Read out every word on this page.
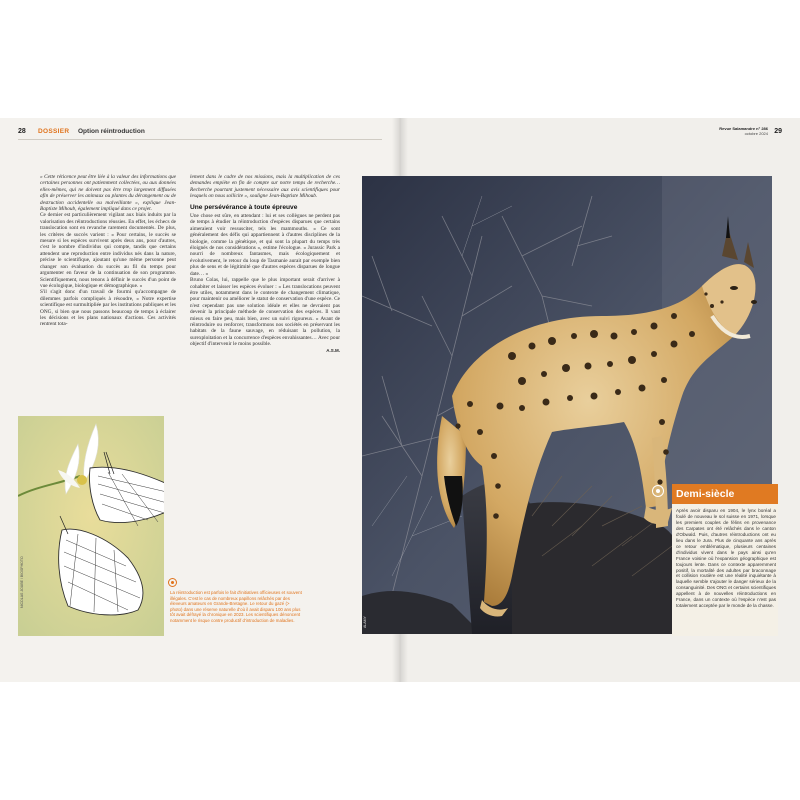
28 DOSSIER Option réintroduction

« Cette réticence peut être liée à la valeur des informations que certaines personnes ont patiemment collectées, ou aux données elles-mêmes, qui ne doivent pas être trop largement diffusées afin de préserver les animaux ou plantes du dérangement ou de destruction accidentelle ou malveillante », explique Jean-Baptiste Mihoub, également impliqué dans ce projet.

Ce dernier est particulièrement vigilant aux biais induits par la valorisation des réintroductions réussies. En effet, les échecs de translocation sont en revanche rarement documentés. De plus, les critères de succès varient : « Pour certains, le succès se mesure si les espèces survivent après deux ans, pour d'autres, c'est le nombre d'individus qui compte, tandis que certains attendent une reproduction entre individus nés dans la nature, précise le scientifique, ajoutant qu'une même personne peut changer son évaluation du succès au fil du temps pour argumenter en faveur de la continuation de son programme. Scientifiquement, nous tenons à définir le succès d'un point de vue écologique, biologique et démographique. »

S'il s'agit donc d'un travail de fourmi qu'accompagne de dilemmes parfois compliqués à résoudre, « Notre expertise scientifique est surmultipliée par les institutions publiques et les ONG, si bien que nous passons beaucoup de temps à éclairer les décisions et les plans nationaux d'actions. Ces activités rentrent tota-

lement dans le cadre de nos missions, mais la multiplication de ces demandes empiète en fin de compte sur notre temps de recherche… Recherche pourtant justement nécessaire aux avis scientifiques pour lesquels on nous sollicite », souligne Jean-Baptiste Mihoub.

Une persévérance à toute épreuve

Une chose est sûre, en attendant : lui et ses collègues ne perdent pas de temps à étudier la réintroduction d'espèces disparues que certains aimeraient voir ressusciter, tels les mammouths. « Ce sont généralement des défis qui appartiennent à d'autres disciplines de la biologie, comme la génétique, et qui sont la plupart du temps très éloignés de nos considérations », estime l'écologue. « Jurassic Park a nourri de nombreux fantasmes, mais écologiquement et évolutivement, le retour du loup de Tasmanie aurait par exemple bien plus de sens et de légitimité que d'autres espèces disparues de longue date… »

Bruno Colas, lui, rappelle que le plus important serait d'arriver à cohabiter et laisser les espèces évoluer : « Les translocations peuvent être utiles, notamment dans le contexte de changement climatique, pour maintenir ou améliorer le statut de conservation d'une espèce. Ce n'est cependant pas une solution idéale et elles ne devraient pas devenir la principale méthode de conservation des espèces. Il vaut mieux en faire peu, mais bien, avec un suivi rigoureux. » Avant de réintroduire ou renforcer, transformons nos sociétés en préservant les habitats de la faune sauvage, en réduisant la pollution, la surexploitation et la concurrence d'espèces envahissantes… Avec pour objectif d'intervenir le moins possible.

A.S.M.
NICOLAS JOUBE / BIOSPHOTO	La réintroduction est parfois le fait d'initiatives officieuses et souvent illégales. C'est le cas de nombreux papillons relâchés par des éleveurs amateurs en Grande-Bretagne. Le retour du gazé (> photo) dans une réserve naturelle d'où il avait disparu 100 ans plus tôt avait défrayé la chronique en 2023. Les scientifiques dénoncent notamment le risque contre productif d'introduction de maladies.
Revue Salamandre n° 286
octobre 2024 29
ALAMY
Demi-siècle
Après avoir disparu en 1904, le lynx boréal a foulé de nouveau le sol suisse en 1971, lorsque les premiers couples de félins en provenance des Carpates ont été relâchés dans le canton d'Obwald. Puis, d'autres réintroductions ont eu lieu dans le Jura. Plus de cinquante ans après ce retour emblématique, plusieurs centaines d'individus vivent dans le pays ainsi qu'en France voisine où l'expansion géographique est toujours lente. Dans ce contexte apparemment positif, la mortalité des adultes par braconnage et collision routière est une réalité inquiétante à laquelle semble s'ajouter le danger sérieux de la consanguinité. Des ONG et certains scientifiques appellent à de nouvelles réintroductions en France, dans un contexte où l'espèce n'est pas totalement acceptée par le monde de la chasse.
